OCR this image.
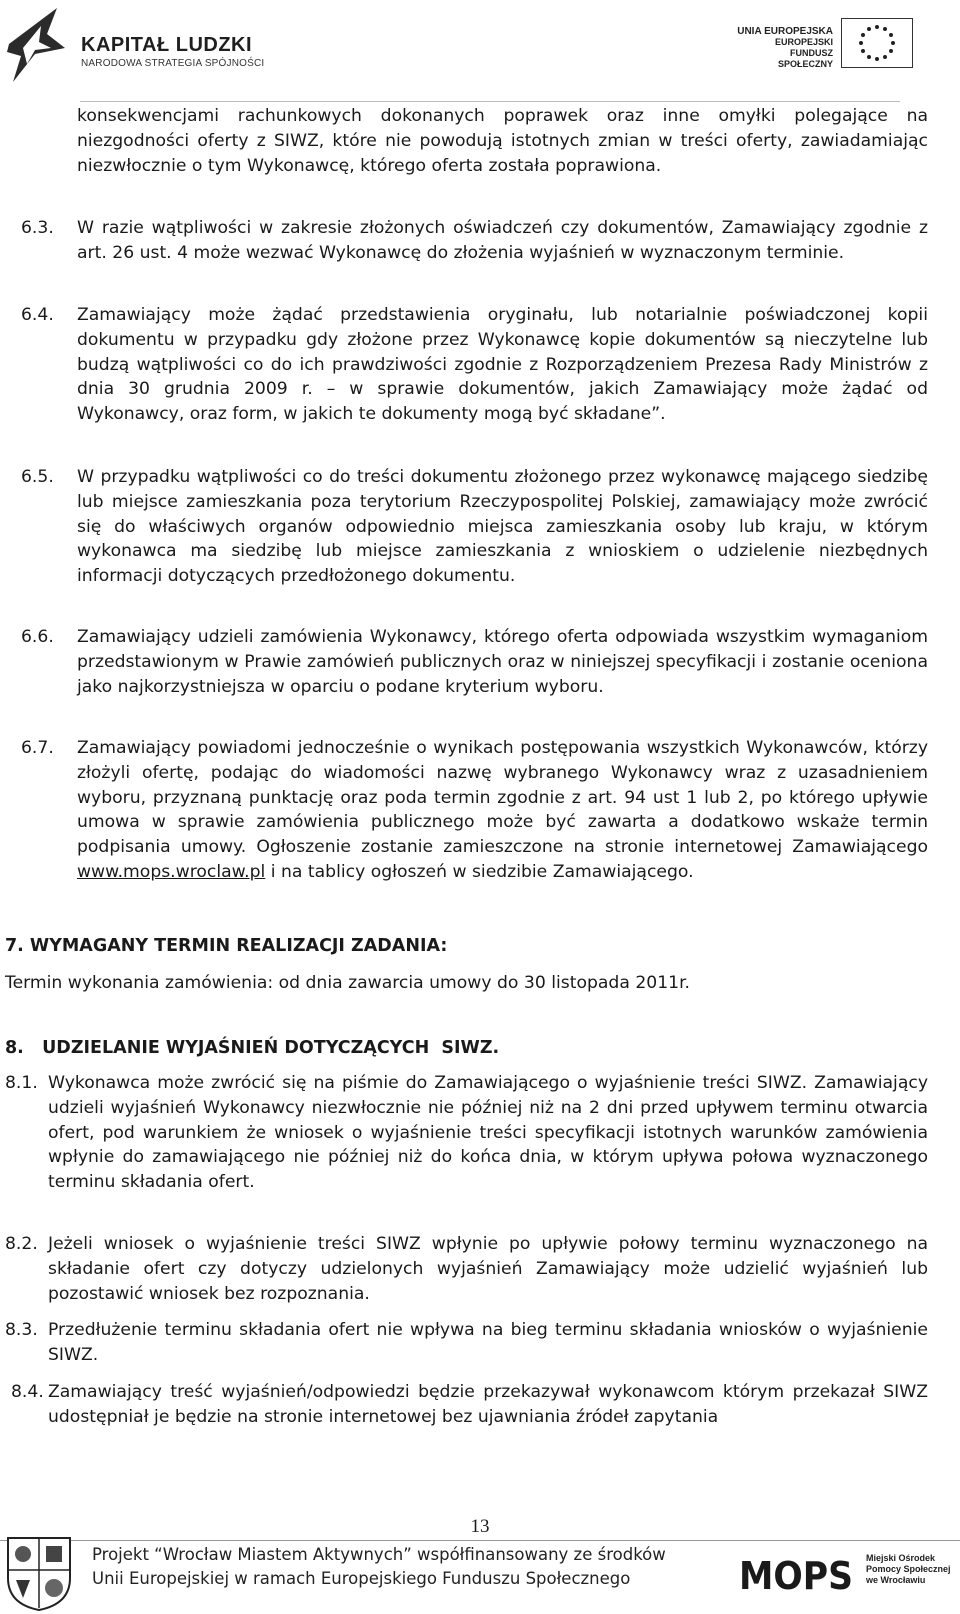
KAPITAŁ LUDZKI
NARODOWA STRATEGIA SPÓJNOŚCI
UNIA EUROPEJSKA
EUROPEJSKI
FUNDUSZ SPOŁECZNY
konsekwencjami rachunkowych dokonanych poprawek oraz inne omyłki polegające na niezgodności oferty z SIWZ, które nie powodują istotnych zmian w treści oferty, zawiadamiając niezwłocznie o tym Wykonawcę, którego oferta została poprawiona.
6.3. W razie wątpliwości w zakresie złożonych oświadczeń czy dokumentów, Zamawiający zgodnie z art. 26 ust. 4 może wezwać Wykonawcę do złożenia wyjaśnień w wyznaczonym terminie.
6.4. Zamawiający może żądać przedstawienia oryginału, lub notarialnie poświadczonej kopii dokumentu w przypadku gdy złożone przez Wykonawcę kopie dokumentów są nieczytelne lub budzą wątpliwości co do ich prawdziwości zgodnie z Rozporządzeniem Prezesa Rady Ministrów z dnia 30 grudnia 2009 r. – w sprawie dokumentów, jakich Zamawiający może żądać od Wykonawcy, oraz form, w jakich te dokumenty mogą być składane”.
6.5. W przypadku wątpliwości co do treści dokumentu złożonego przez wykonawcę mającego siedzibę lub miejsce zamieszkania poza terytorium Rzeczypospolitej Polskiej, zamawiający może zwrócić się do właściwych organów odpowiednio miejsca zamieszkania osoby lub kraju, w którym wykonawca ma siedzibę lub miejsce zamieszkania z wnioskiem o udzielenie niezbędnych informacji dotyczących przedłożonego dokumentu.
6.6. Zamawiający udzieli zamówienia Wykonawcy, którego oferta odpowiada wszystkim wymaganiom przedstawionym w Prawie zamówień publicznych oraz w niniejszej specyfikacji i zostanie oceniona jako najkorzystniejsza w oparciu o podane kryterium wyboru.
6.7. Zamawiający powiadomi jednocześnie o wynikach postępowania wszystkich Wykonawców, którzy złożyli ofertę, podając do wiadomości nazwę wybranego Wykonawcy wraz z uzasadnieniem wyboru, przyznaną punktację oraz poda termin zgodnie z art. 94 ust 1 lub 2, po którego upływie umowa w sprawie zamówienia publicznego może być zawarta a dodatkowo wskaże termin podpisania umowy. Ogłoszenie zostanie zamieszczone na stronie internetowej Zamawiającego www.mops.wroclaw.pl i na tablicy ogłoszeń w siedzibie Zamawiającego.
7. WYMAGANY TERMIN REALIZACJI ZADANIA:
Termin wykonania zamówienia: od dnia zawarcia umowy do 30 listopada 2011r.
8.   UDZIELANIE WYJAŚNIEŃ DOTYCZĄCYCH  SIWZ.
8.1. Wykonawca może zwrócić się na piśmie do Zamawiającego o wyjaśnienie treści SIWZ. Zamawiający udzieli wyjaśnień Wykonawcy niezwłocznie nie później niż na 2 dni przed upływem terminu otwarcia ofert, pod warunkiem że wniosek o wyjaśnienie treści specyfikacji istotnych warunków zamówienia wpłynie do zamawiającego nie później niż do końca dnia, w którym upływa połowa wyznaczonego terminu składania ofert.
8.2. Jeżeli wniosek o wyjaśnienie treści SIWZ wpłynie po upływie połowy terminu wyznaczonego na składanie ofert czy dotyczy udzielonych wyjaśnień Zamawiający może udzielić wyjaśnień lub pozostawić wniosek bez rozpoznania.
8.3. Przedłużenie terminu składania ofert nie wpływa na bieg terminu składania wniosków o wyjaśnienie SIWZ.
8.4. Zamawiający treść wyjaśnień/odpowiedzi będzie przekazywał wykonawcom którym przekazał SIWZ udostępniał je będzie na stronie internetowej bez ujawniania źródeł zapytania
13
Projekt “Wrocław Miastem Aktywnych” współfinansowany ze środków
Unii Europejskiej w ramach Europejskiego Funduszu Społecznego	MOPS Miejski Ośrodek
Pomocy Społecznej
we Wrocławiu
